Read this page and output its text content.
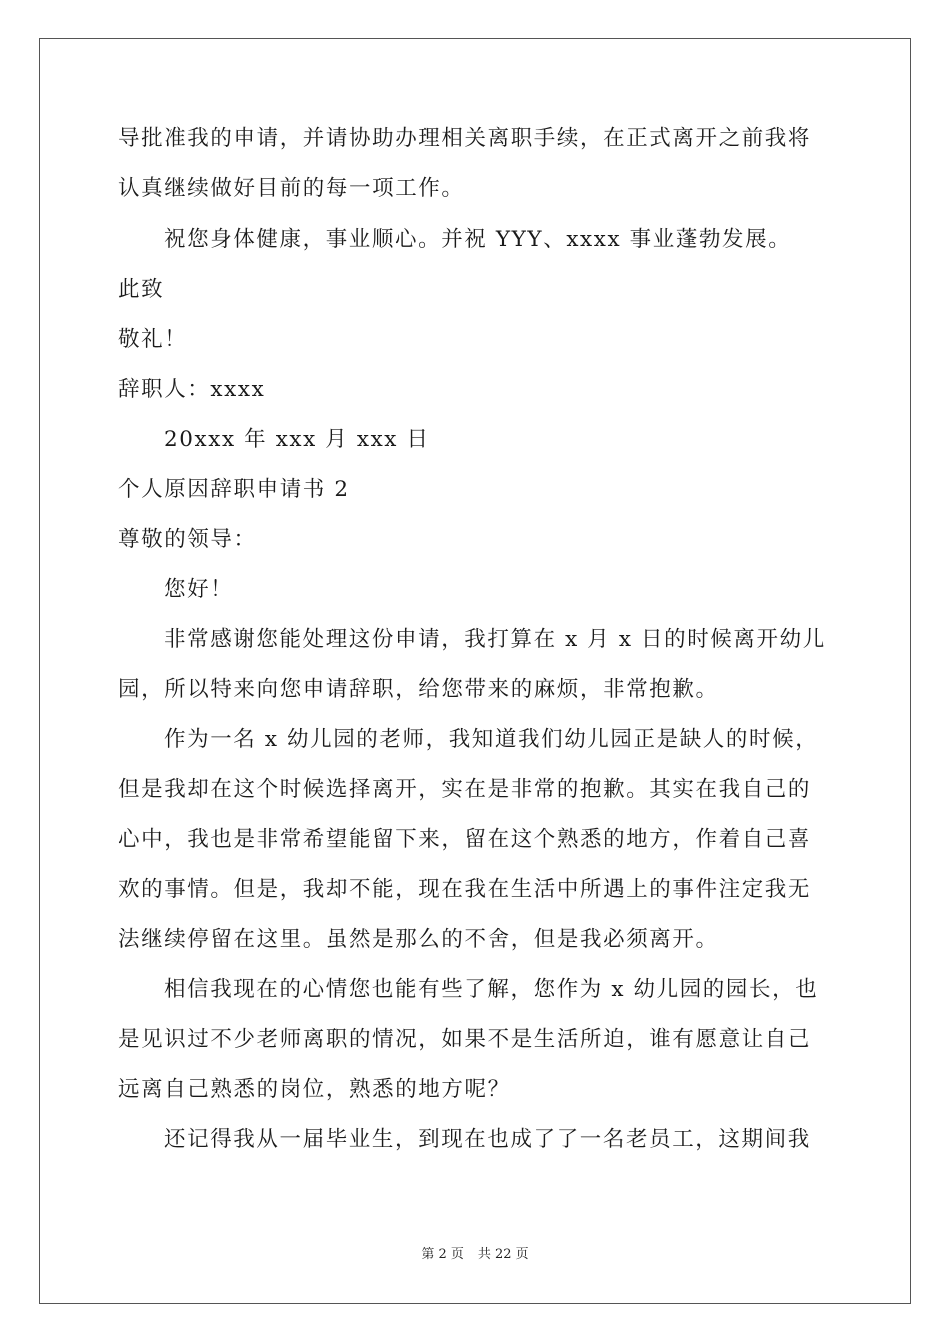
导批准我的申请，并请协助办理相关离职手续，在正式离开之前我将
认真继续做好目前的每一项工作。
祝您身体健康，事业顺心。并祝 YYY、xxxx 事业蓬勃发展。
此致
敬礼！
辞职人：xxxx
20xxx 年 xxx 月 xxx 日
个人原因辞职申请书 2
尊敬的领导：
您好！
非常感谢您能处理这份申请，我打算在 x 月 x 日的时候离开幼儿
园，所以特来向您申请辞职，给您带来的麻烦，非常抱歉。
作为一名 x 幼儿园的老师，我知道我们幼儿园正是缺人的时候，
但是我却在这个时候选择离开，实在是非常的抱歉。其实在我自己的
心中，我也是非常希望能留下来，留在这个熟悉的地方，作着自己喜
欢的事情。但是，我却不能，现在我在生活中所遇上的事件注定我无
法继续停留在这里。虽然是那么的不舍，但是我必须离开。
相信我现在的心情您也能有些了解，您作为 x 幼儿园的园长，也
是见识过不少老师离职的情况，如果不是生活所迫，谁有愿意让自己
远离自己熟悉的岗位，熟悉的地方呢？
还记得我从一届毕业生，到现在也成了了一名老员工，这期间我
第 2 页 共 22 页
